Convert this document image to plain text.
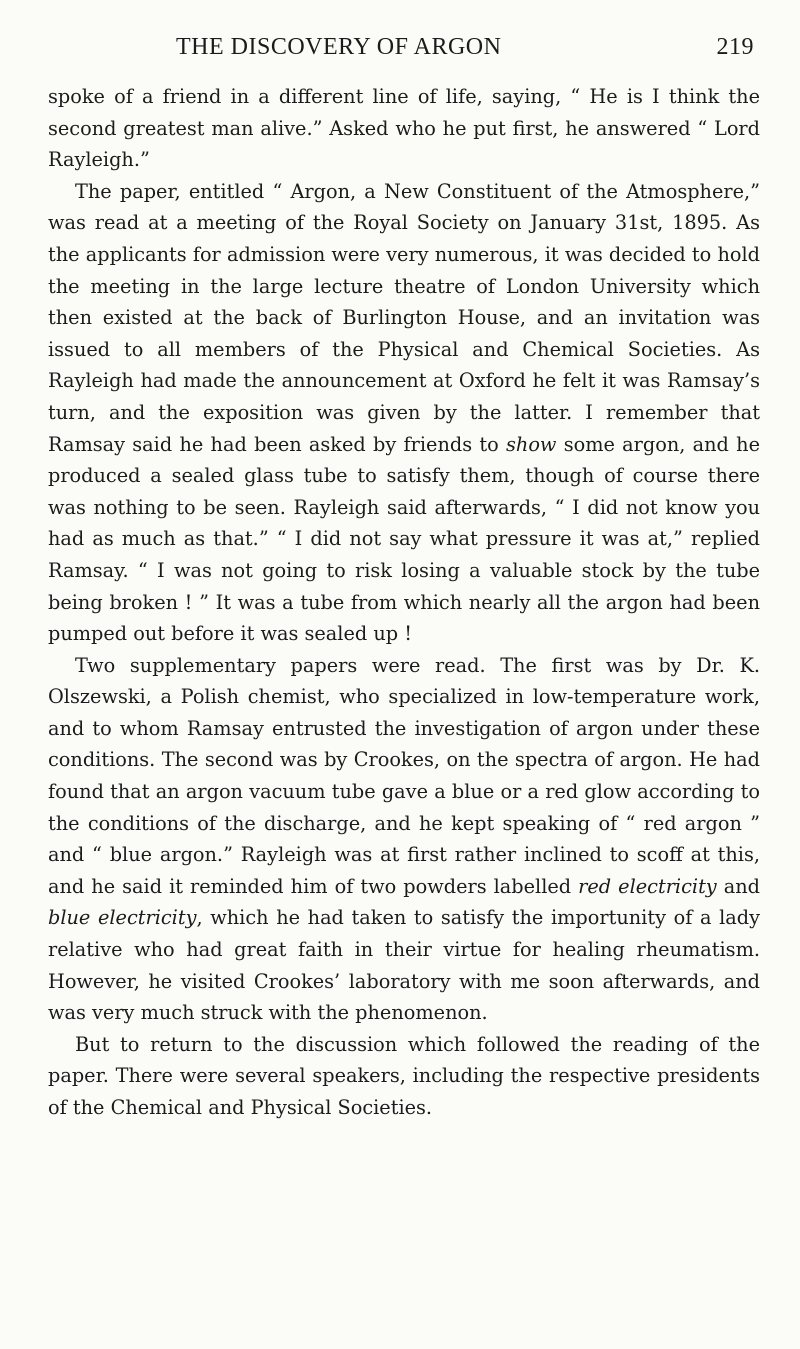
THE DISCOVERY OF ARGON	219

spoke of a friend in a different line of life, saying, “ He is I think the second greatest man alive.” Asked who he put first, he answered “ Lord Rayleigh.”

The paper, entitled “ Argon, a New Constituent of the Atmosphere,” was read at a meeting of the Royal Society on January 31st, 1895. As the applicants for admission were very numerous, it was decided to hold the meeting in the large lecture theatre of London University which then existed at the back of Burlington House, and an invitation was issued to all members of the Physical and Chemical Societies. As Rayleigh had made the announcement at Oxford he felt it was Ramsay’s turn, and the exposition was given by the latter. I remember that Ramsay said he had been asked by friends to show some argon, and he produced a sealed glass tube to satisfy them, though of course there was nothing to be seen. Rayleigh said afterwards, “ I did not know you had as much as that.” “ I did not say what pressure it was at,” replied Ramsay. “ I was not going to risk losing a valuable stock by the tube being broken ! ” It was a tube from which nearly all the argon had been pumped out before it was sealed up !

Two supplementary papers were read. The first was by Dr. K. Olszewski, a Polish chemist, who specialized in low-temperature work, and to whom Ramsay entrusted the investigation of argon under these conditions. The second was by Crookes, on the spectra of argon. He had found that an argon vacuum tube gave a blue or a red glow according to the conditions of the discharge, and he kept speaking of “ red argon ” and “ blue argon.” Rayleigh was at first rather inclined to scoff at this, and he said it reminded him of two powders labelled red electricity and blue electricity, which he had taken to satisfy the importunity of a lady relative who had great faith in their virtue for healing rheumatism. However, he visited Crookes’ laboratory with me soon afterwards, and was very much struck with the phenomenon.

But to return to the discussion which followed the reading of the paper. There were several speakers, including the respective presidents of the Chemical and Physical Societies.
